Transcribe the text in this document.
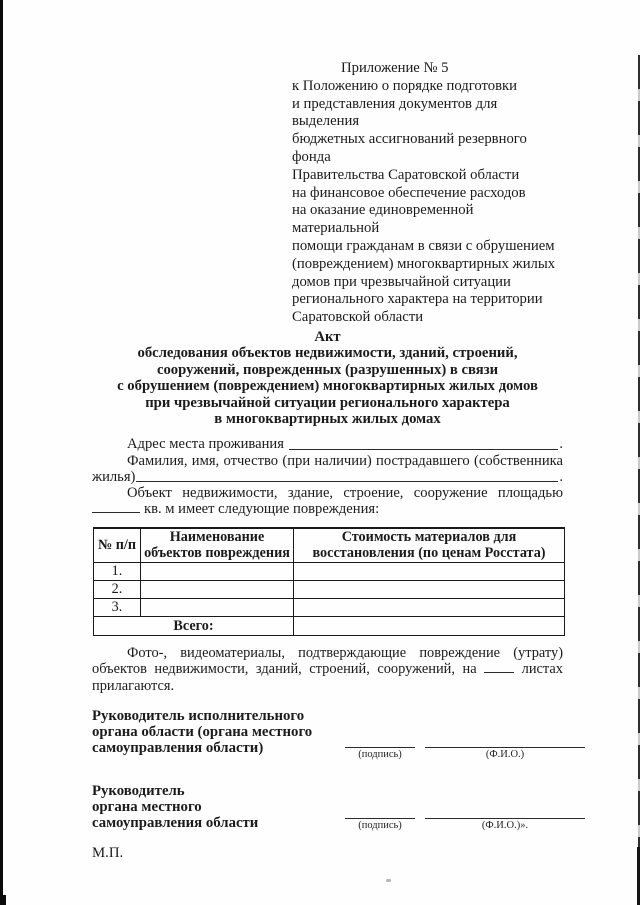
Приложение № 5
к Положению о порядке подготовки
и представления документов для выделения
бюджетных ассигнований резервного фонда
Правительства Саратовской области
на финансовое обеспечение расходов
на оказание единовременной материальной
помощи гражданам в связи с обрушением
(повреждением) многоквартирных жилых
домов при чрезвычайной ситуации
регионального характера на территории
Саратовской области
Акт
обследования объектов недвижимости, зданий, строений,
сооружений, поврежденных (разрушенных) в связи
с обрушением (повреждением) многоквартирных жилых домов
при чрезвычайной ситуации регионального характера
в многоквартирных жилых домах
Адрес места проживания	.
Фамилия, имя, отчество (при наличии) пострадавшего (собственника
жилья)	.
Объект недвижимости, здание, строение, сооружение площадью
кв. м имеет следующие повреждения:
№ п/п	Наименование объектов повреждения	Стоимость материалов для восстановления (по ценам Росстата)
1.		
2.		
3.		
Всего:		
Фото-, видеоматериалы, подтверждающие повреждение (утрату)
объектов недвижимости, зданий, строений, сооружений, на	листах
прилагаются.
Руководитель исполнительного
органа области (органа местного
самоуправления области)	(подпись)	(Ф.И.О.)
Руководитель
органа местного
самоуправления области	(подпись)	(Ф.И.О.)».
М.П.
